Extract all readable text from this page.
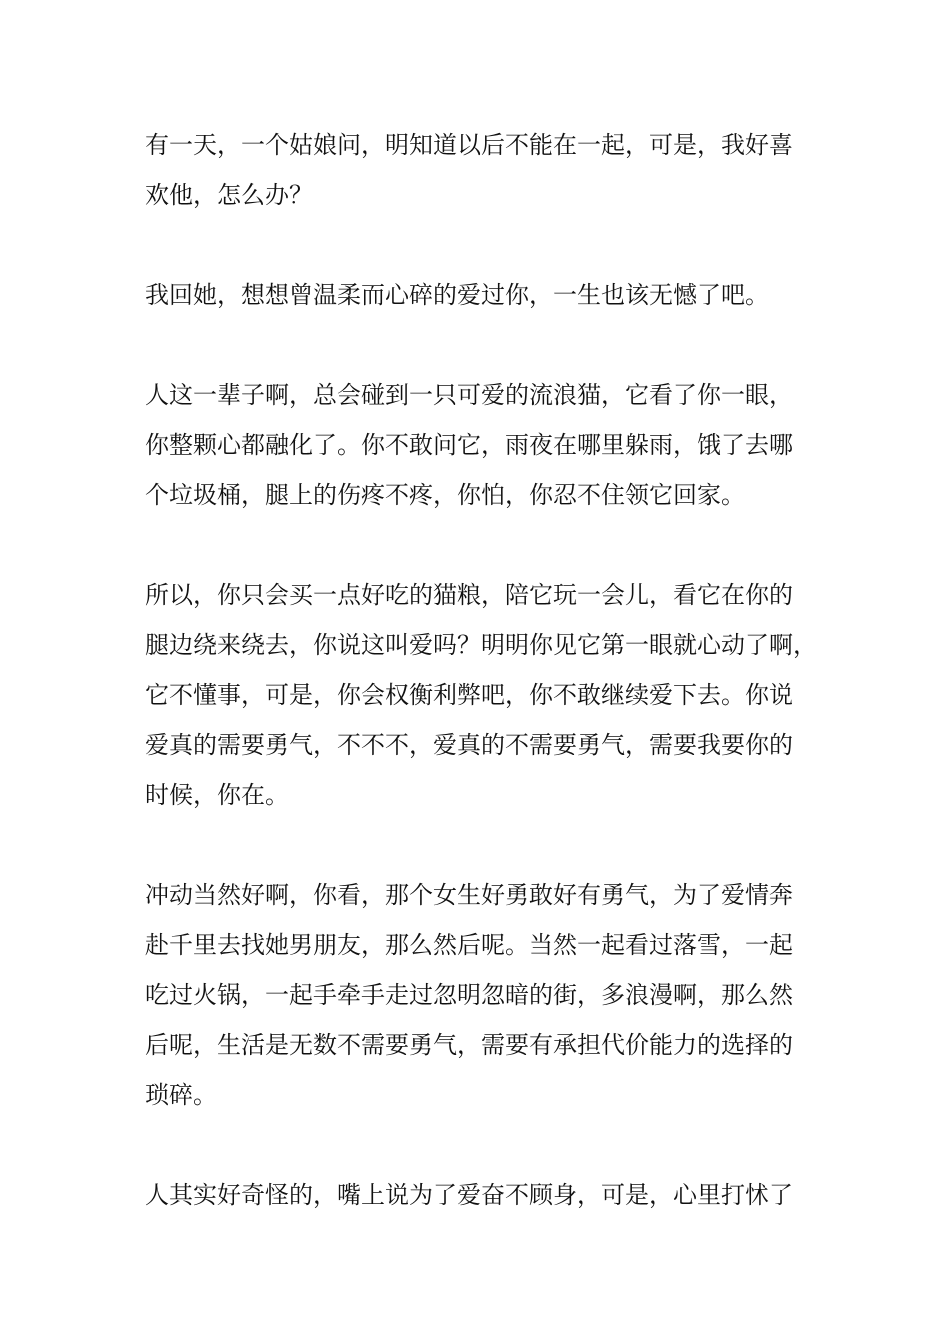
有一天，一个姑娘问，明知道以后不能在一起，可是，我好喜
欢他，怎么办？

我回她，想想曾温柔而心碎的爱过你，一生也该无憾了吧。

人这一辈子啊，总会碰到一只可爱的流浪猫，它看了你一眼，
你整颗心都融化了。你不敢问它，雨夜在哪里躲雨，饿了去哪
个垃圾桶，腿上的伤疼不疼，你怕，你忍不住领它回家。

所以，你只会买一点好吃的猫粮，陪它玩一会儿，看它在你的
腿边绕来绕去，你说这叫爱吗？明明你见它第一眼就心动了啊，
它不懂事，可是，你会权衡利弊吧，你不敢继续爱下去。你说
爱真的需要勇气，不不不，爱真的不需要勇气，需要我要你的
时候，你在。

冲动当然好啊，你看，那个女生好勇敢好有勇气，为了爱情奔
赴千里去找她男朋友，那么然后呢。当然一起看过落雪，一起
吃过火锅，一起手牵手走过忽明忽暗的街，多浪漫啊，那么然
后呢，生活是无数不需要勇气，需要有承担代价能力的选择的
琐碎。

人其实好奇怪的，嘴上说为了爱奋不顾身，可是，心里打怵了
